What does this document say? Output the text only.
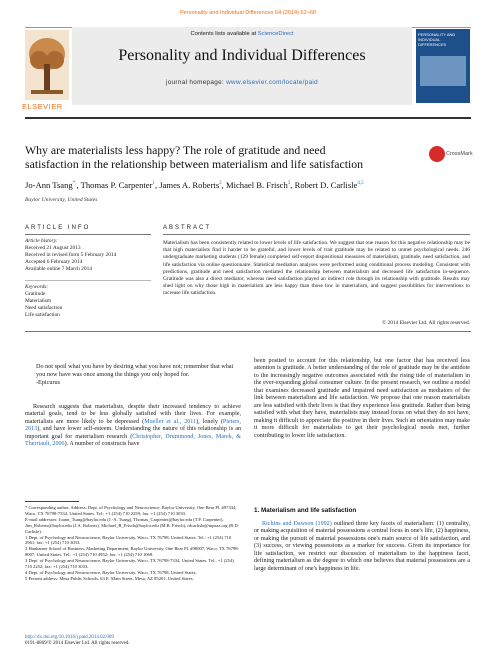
Personality and Individual Differences 64 (2014) 62–68
Contents lists available at ScienceDirect
Personality and Individual Differences
journal homepage: www.elsevier.com/locate/paid
ELSEVIER
PERSONALITY AND INDIVIDUAL DIFFERENCES
Why are materialists less happy? The role of gratitude and need
satisfaction in the relationship between materialism and life satisfaction
CrossMark
Jo-Ann Tsang*,, Thomas P. Carpenter$^1$, James A. Roberts$^2$, Michael B. Frisch$^3$, Robert D. Carlisle$^{4,5}$
Baylor University, United States
ARTICLE INFO
Article history:
Received 21 August 2013
Received in revised form 5 February 2014
Accepted 6 February 2014
Available online 7 March 2014
Keywords:
Gratitude
Materialism
Need satisfaction
Life satisfaction
ABSTRACT
Materialism has been consistently related to lower levels of life satisfaction. We suggest that one reason for this negative relationship may be that high materialists find it harder to be grateful, and lower levels of trait gratitude may be related to unmet psychological needs. 246 undergraduate marketing students (129 female) completed self-report dispositional measures of materialism, gratitude, need satisfaction, and life satisfaction via online questionnaire. Statistical mediation analyses were performed using conditional process modeling. Consistent with predictions, gratitude and need satisfaction mediated the relationship between materialism and decreased life satisfaction in-sequence. Gratitude was also a direct mediator, whereas need satisfaction played an indirect role through its relationship with gratitude. Results may shed light on why those high in materialism are less happy than those low in materialism, and suggest possibilities for interventions to increase life satisfaction.
© 2014 Elsevier Ltd. All rights reserved.
Do not spoil what you have by desiring what you have not; remember that what you now have was once among the things you only hoped for.
-Epicurus
Research suggests that materialists, despite their increased tendency to achieve material goals, tend to be less globally satisfied with their lives. For example, materialists are more likely to be depressed (Mueller et al., 2011), lonely (Pieters, 2013), and have lower self-esteem. Understanding the nature of this relationship is an important goal for materialism research (Christopher, Drummond, Jones, Marek, & Therriault, 2006). A number of constructs have
* Corresponding author. Address: Dept. of Psychology and Neuroscience, Baylor University, One Bear Pl. #97334, Waco, TX 76798-7334, United States. Tel.: +1 (254) 710 2259; fax: +1 (254) 710 3033.
E-mail addresses: Joann_Tsang@baylor.edu (J.-A. Tsang), Thomas_Carpenter@baylor.edu (T.P. Carpenter), Jim_Roberts@baylor.edu (J.A. Roberts), Michael_B_Frisch@baylor.edu (M.B. Frisch), rdcarlisle@mpsaz.org (R.D. Carlisle).
1 Dept. of Psychology and Neuroscience, Baylor University, Waco, TX 76798, United States. Tel.: +1 (254) 710 2961; fax: +1 (254) 710 3033.
2 Hankamer School of Business, Marketing Department, Baylor University, One Bear Pl. #98007, Waco, TX 76798-8007, United States. Tel.: +1 (254) 710 4952; fax: +1 (254) 710 1068.
3 Dept. of Psychology and Neuroscience, Baylor University, Waco, TX 76798-7334, United States. Tel.: +1 (254) 710 2252; fax: +1 (254) 710 3033.
4 Dept. of Psychology and Neuroscience, Baylor University, Waco, TX 76798, United States.
5 Present address: Mesa Public Schools, 63 E. Main Street, Mesa, AZ 85201, United States.
http://dx.doi.org/10.1016/j.paid.2014.02.009
0191-8869/© 2014 Elsevier Ltd. All rights reserved.
been posited to account for this relationship, but one factor that has received less attention is gratitude. A better understanding of the role of gratitude may be the antidote to the increasingly negative outcomes associated with the rising tide of materialism in the ever-expanding global consumer culture. In the present research, we outline a model that examines decreased gratitude and impaired need satisfaction as mediators of the link between materialism and life satisfaction. We propose that one reason materialists are less satisfied with their lives is that they experience less gratitude. Rather than being satisfied with what they have, materialists may instead focus on what they do not have, making it difficult to appreciate the positive in their lives. Such an orientation may make it more difficult for materialists to get their psychological needs met, further contributing to lower life satisfaction.
1. Materialism and life satisfaction
Richins and Dawson (1992) outlined three key facets of materialism: (1) centrality, or making acquisition of material possessions a central focus in one's life, (2) happiness, or making the pursuit of material possessions one's main source of life satisfaction, and (3) success, or viewing possessions as a marker for success. Given its importance for life satisfaction, we restrict our discussion of materialism to the happiness facet, defining materialism as the degree to which one believes that material possessions are a large determinant of one's happiness in life.
